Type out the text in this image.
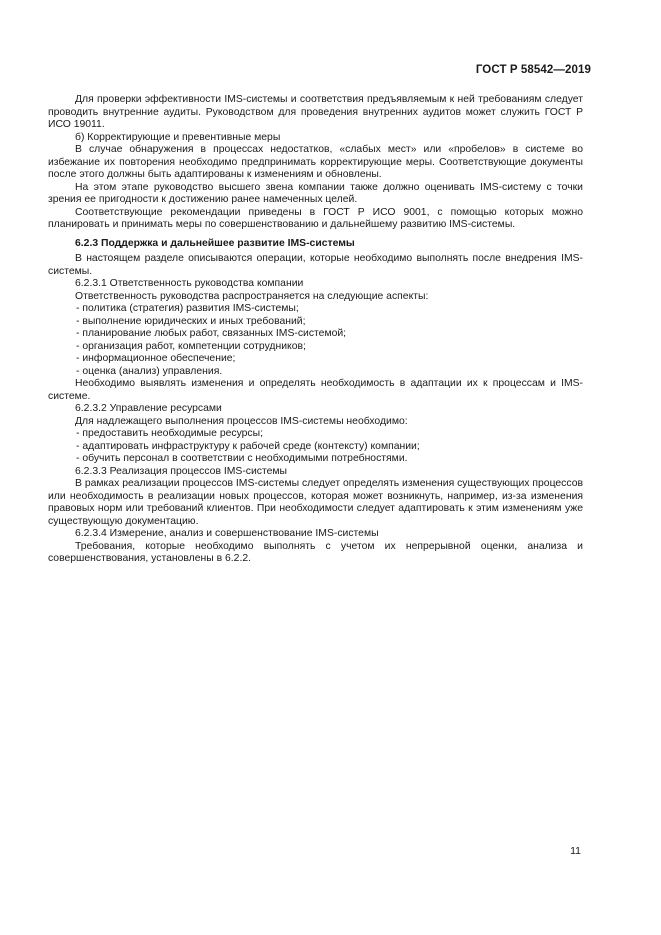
ГОСТ Р 58542—2019

Для проверки эффективности IMS-системы и соответствия предъявляемым к ней требованиям следует проводить внутренние аудиты. Руководством для проведения внутренних аудитов может служить ГОСТ Р ИСО 19011.

б) Корректирующие и превентивные меры

В случае обнаружения в процессах недостатков, «слабых мест» или «пробелов» в системе во избежание их повторения необходимо предпринимать корректирующие меры. Соответствующие документы после этого должны быть адаптированы к изменениям и обновлены.

На этом этапе руководство высшего звена компании также должно оценивать IMS-систему с точки зрения ее пригодности к достижению ранее намеченных целей.

Соответствующие рекомендации приведены в ГОСТ Р ИСО 9001, с помощью которых можно планировать и принимать меры по совершенствованию и дальнейшему развитию IMS-системы.

6.2.3 Поддержка и дальнейшее развитие IMS-системы

В настоящем разделе описываются операции, которые необходимо выполнять после внедрения IMS-системы.

6.2.3.1 Ответственность руководства компании

Ответственность руководства распространяется на следующие аспекты:

- политика (стратегия) развития IMS-системы;

- выполнение юридических и иных требований;

- планирование любых работ, связанных IMS-системой;

- организация работ, компетенции сотрудников;

- информационное обеспечение;

- оценка (анализ) управления.

Необходимо выявлять изменения и определять необходимость в адаптации их к процессам и IMS-системе.

6.2.3.2 Управление ресурсами

Для надлежащего выполнения процессов IMS-системы необходимо:

- предоставить необходимые ресурсы;

- адаптировать инфраструктуру к рабочей среде (контексту) компании;

- обучить персонал в соответствии с необходимыми потребностями.

6.2.3.3 Реализация процессов IMS-системы

В рамках реализации процессов IMS-системы следует определять изменения существующих процессов или необходимость в реализации новых процессов, которая может возникнуть, например, из-за изменения правовых норм или требований клиентов. При необходимости следует адаптировать к этим изменениям уже существующую документацию.

6.2.3.4 Измерение, анализ и совершенствование IMS-системы

Требования, которые необходимо выполнять с учетом их непрерывной оценки, анализа и совершенствования, установлены в 6.2.2.

11
